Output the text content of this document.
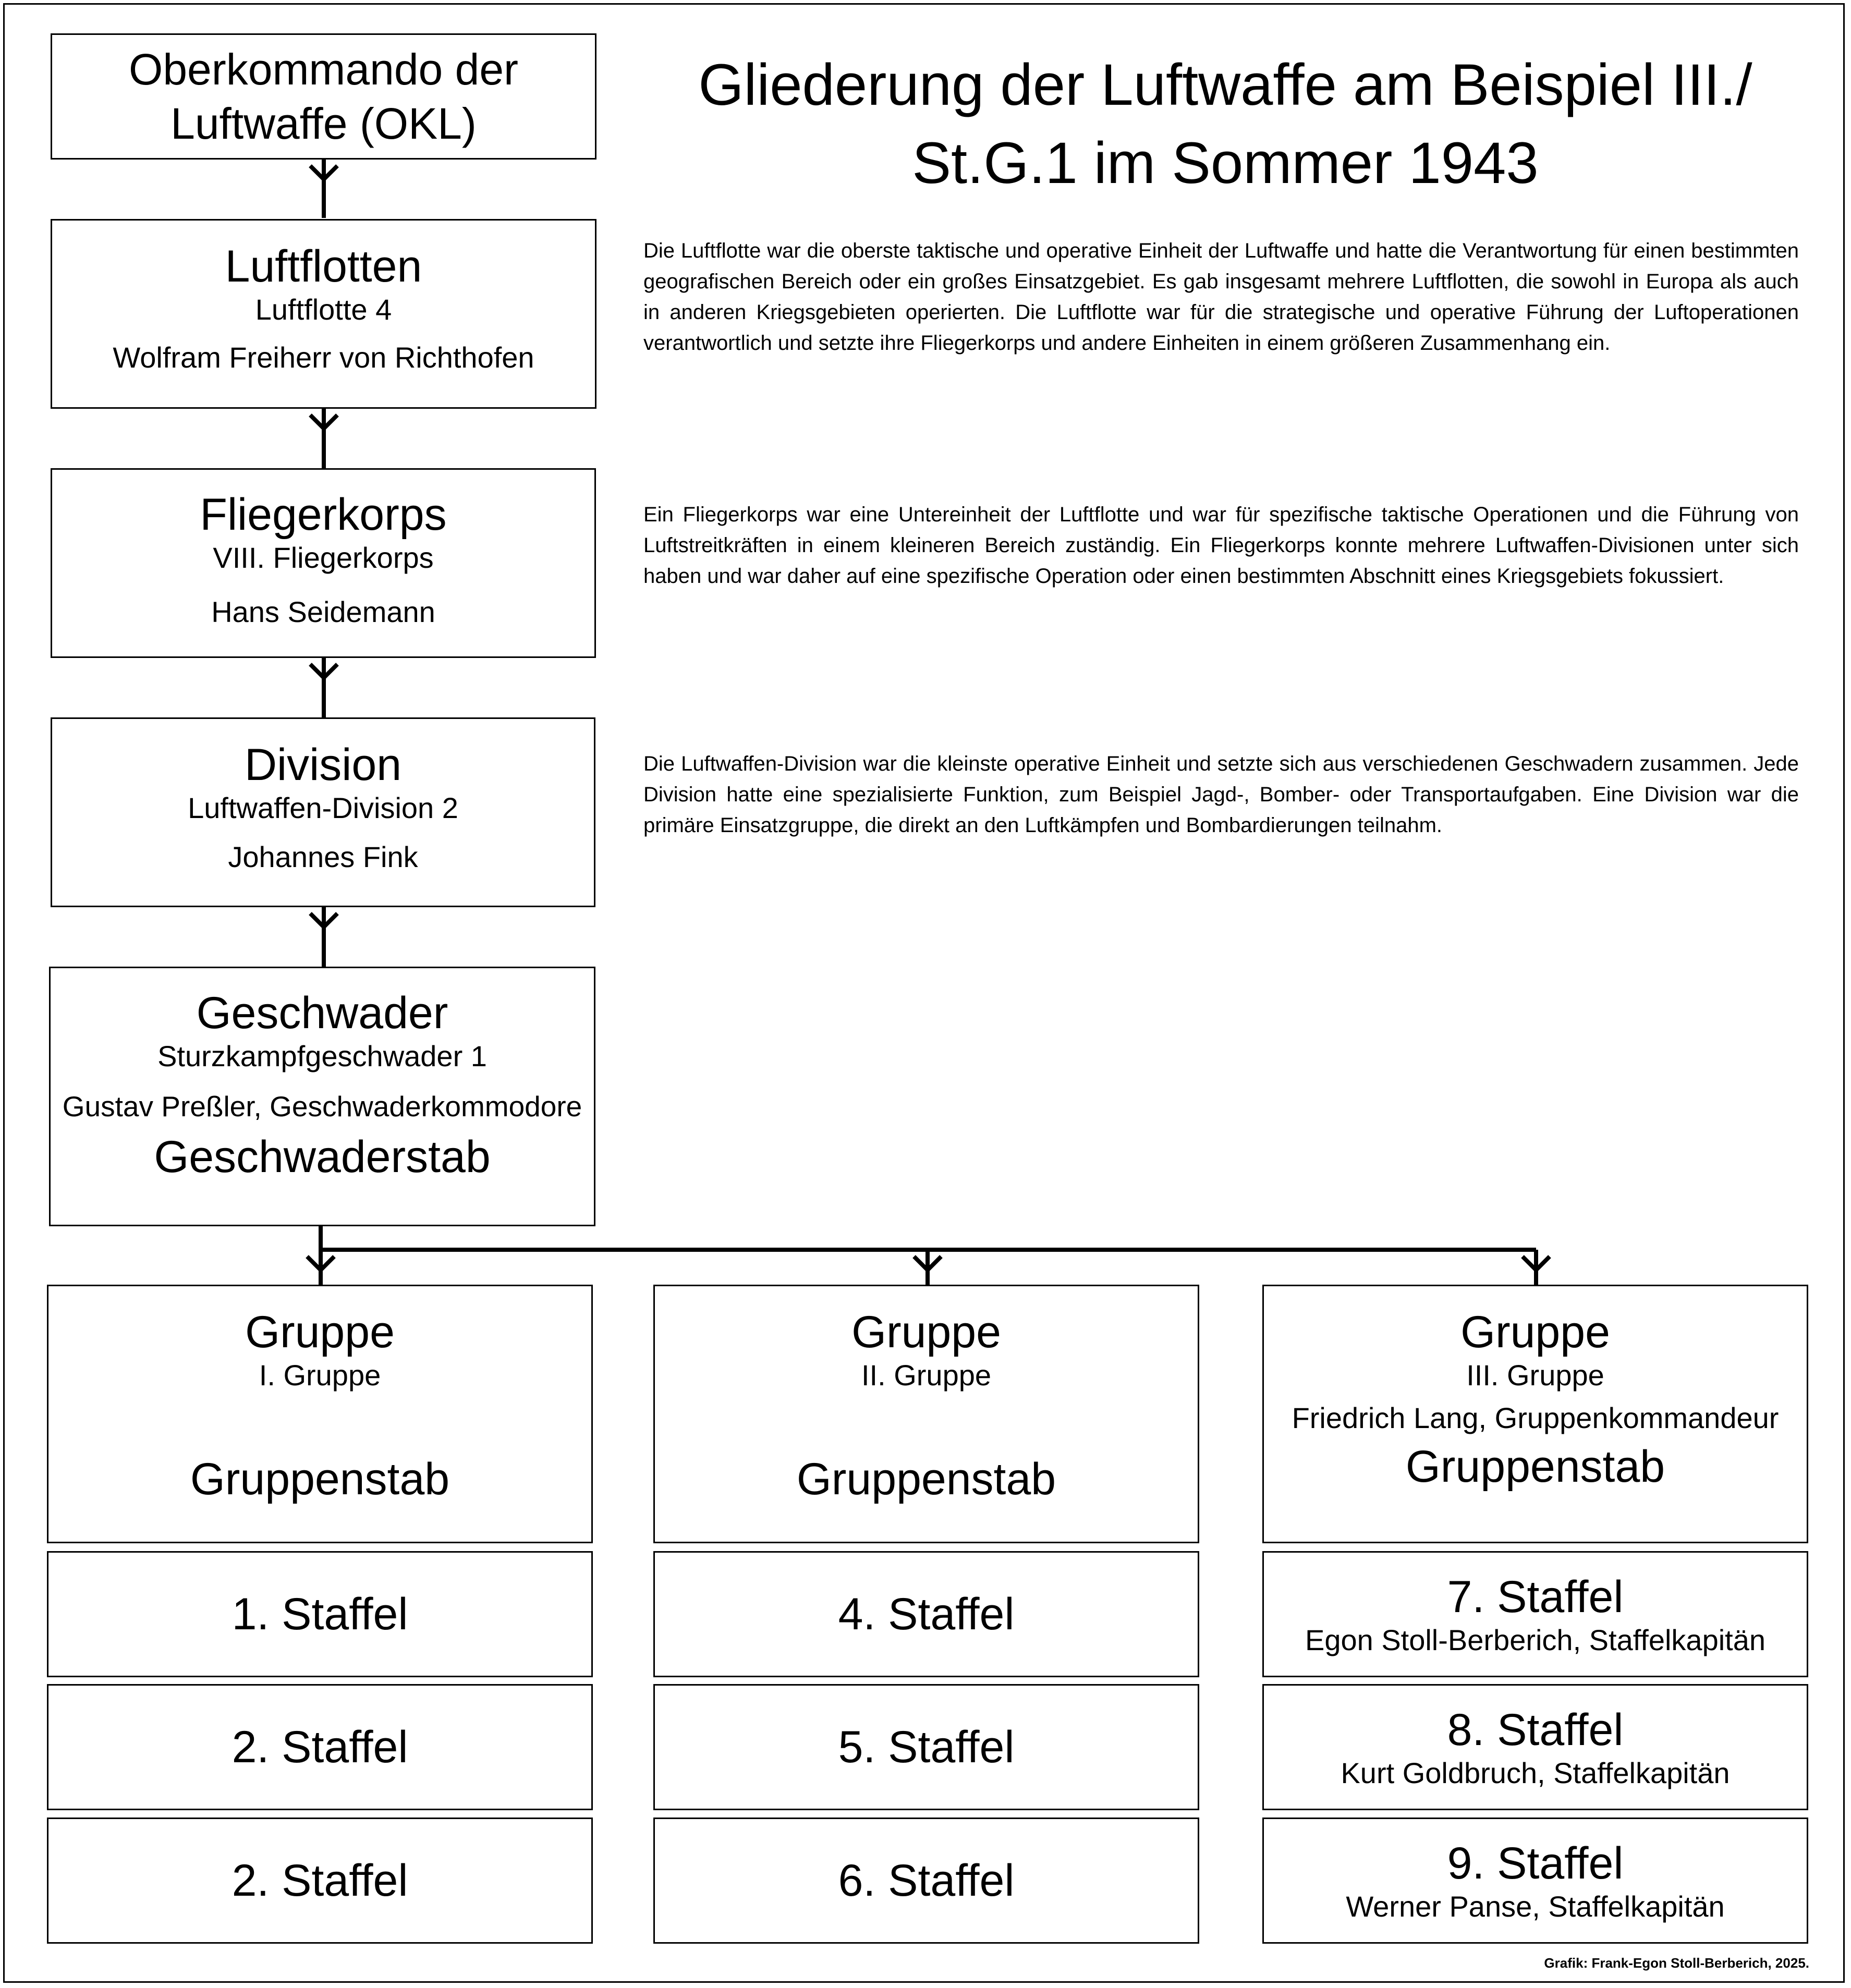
Oberkommando der
Luftwaffe (OKL)
Gliederung der Luftwaffe am Beispiel III./ St.G.1 im Sommer 1943
Luftflotten
Luftflotte 4
Wolfram Freiherr von Richthofen
Die Luftflotte war die oberste taktische und operative Einheit der Luftwaffe und hatte die Verantwortung für einen bestimmten geografischen Bereich oder ein großes Einsatzgebiet. Es gab insgesamt mehrere Luftflotten, die sowohl in Europa als auch in anderen Kriegsgebieten operierten. Die Luftflotte war für die strategische und operative Führung der Luftoperationen verantwortlich und setzte ihre Fliegerkorps und andere Einheiten in einem größeren Zusammenhang ein.
Fliegerkorps
VIII. Fliegerkorps
Hans Seidemann
Ein Fliegerkorps war eine Untereinheit der Luftflotte und war für spezifische taktische Operationen und die Führung von Luftstreitkräften in einem kleineren Bereich zuständig. Ein Fliegerkorps konnte mehrere Luftwaffen-Divisionen unter sich haben und war daher auf eine spezifische Operation oder einen bestimmten Abschnitt eines Kriegsgebiets fokussiert.
Division
Luftwaffen-Division 2
Johannes Fink
Die Luftwaffen-Division war die kleinste operative Einheit und setzte sich aus verschiedenen Geschwadern zusammen. Jede Division hatte eine spezialisierte Funktion, zum Beispiel Jagd-, Bomber- oder Transportaufgaben. Eine Division war die primäre Einsatzgruppe, die direkt an den Luftkämpfen und Bombardierungen teilnahm.
Geschwader
Sturzkampfgeschwader 1
Gustav Preßler, Geschwaderkommodore
Geschwaderstab
Gruppe
I. Gruppe
Gruppenstab
1. Staffel
2. Staffel
2. Staffel
Gruppe
II. Gruppe
Gruppenstab
4. Staffel
5. Staffel
6. Staffel
Gruppe
III. Gruppe
Friedrich Lang, Gruppenkommandeur
Gruppenstab
7. Staffel
Egon Stoll-Berberich, Staffelkapitän
8. Staffel
Kurt Goldbruch, Staffelkapitän
9. Staffel
Werner Panse, Staffelkapitän
Grafik: Frank-Egon Stoll-Berberich, 2025.
